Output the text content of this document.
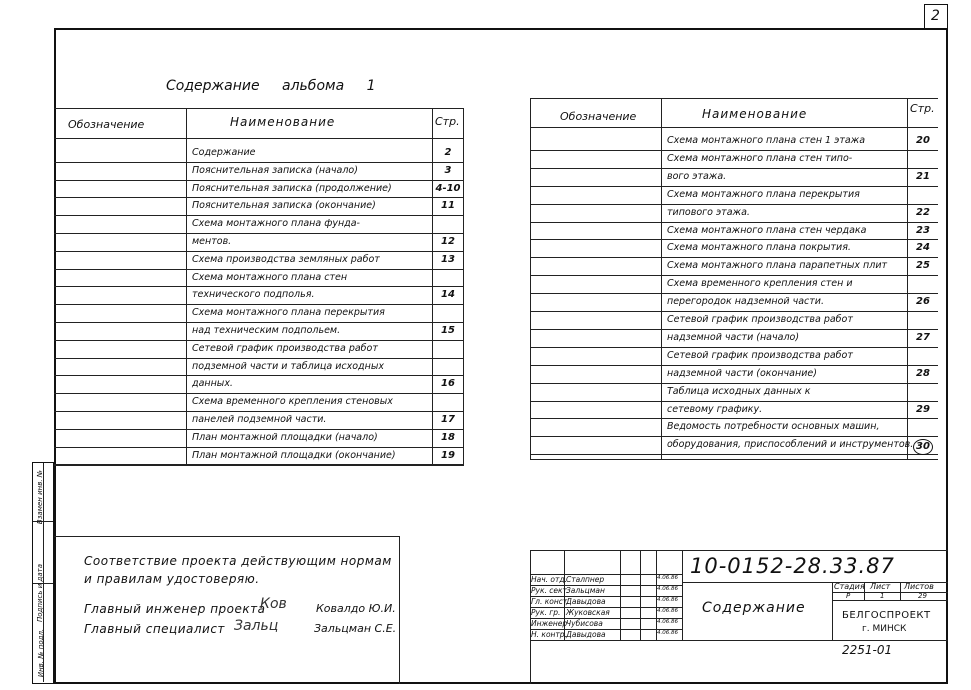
2
Содержание альбома 1
Обозначение	Наименование	Стр.
Содержание	2
Пояснительная записка (начало)	3
Пояснительная записка (продолжение)	4-10
Пояснительная записка (окончание)	11
Схема монтажного плана фунда-
ментов.	12
Схема производства земляных работ	13
Схема монтажного плана стен
технического подполья.	14
Схема монтажного плана перекрытия
над техническим подпольем.	15
Сетевой график производства работ
подземной части и таблица исходных
данных.	16
Схема временного крепления стеновых
панелей подземной части.	17
План монтажной площадки (начало)	18
План монтажной площадки (окончание)	19
Обозначение	Наименование	Стр.
Схема монтажного плана стен 1 этажа	20
Схема монтажного плана стен типо-
вого этажа.	21
Схема монтажного плана перекрытия
типового этажа.	22
Схема монтажного плана стен чердака	23
Схема монтажного плана покрытия.	24
Схема монтажного плана парапетных плит	25
Схема временного крепления стен и
перегородок надземной части.	26
Сетевой график производства работ
надземной части (начало)	27
Сетевой график производства работ
надземной части (окончание)	28
Таблица исходных данных к
сетевому графику.	29
Ведомость потребности основных машин,
оборудования, приспособлений и инструментов. 30
Инв. № подл.
Подпись и дата
Взамен инв. №
Соответствие проекта действующим нормам
и правилам удостоверяю.
Главный инженер проекта
Ков	Ковалдо Ю.И.
Главный специалист Зальц	Зальцман С.Е.
10-0152-28.33.87
Стадия Лист Листов
Р	1	29
Содержание	БЕЛГОСПРОЕКТ
г. МИНСК
2251-01
Нач. отд. Сталпнер	4.06.86
Рук. сект.
Зальцман	4.06.86
Гл. конст.
Давыдова	4.06.86
Рук. гр. Жуковская	4.06.86
Инженер
Чубисова	4.06.86
Н. контр. Давыдова	4.06.86
